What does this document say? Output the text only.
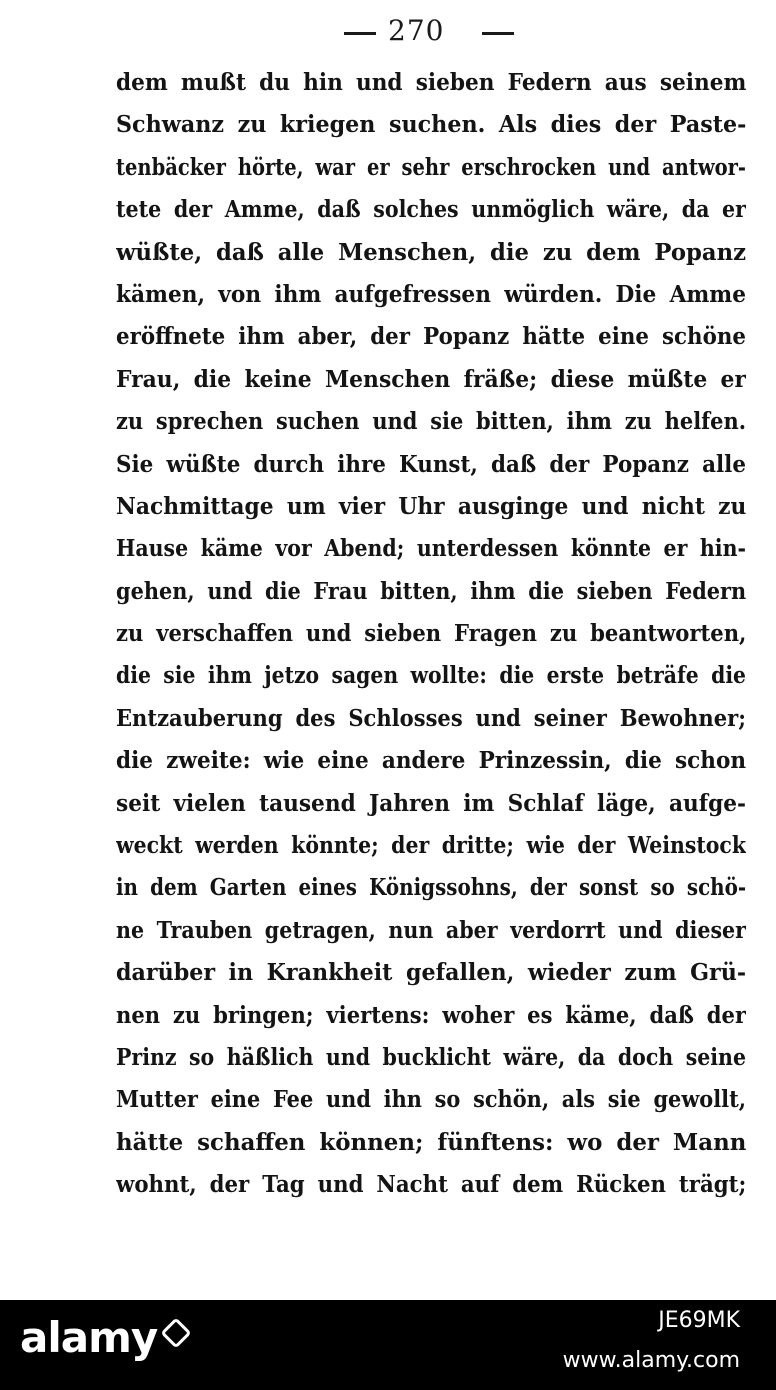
270
dem mußt du hin und sieben Federn aus seinem
Schwanz zu kriegen suchen. Als dies der Paste-
tenbäcker hörte, war er sehr erschrocken und antwor-
tete der Amme, daß solches unmöglich wäre, da er
wüßte, daß alle Menschen, die zu dem Popanz
kämen, von ihm aufgefressen würden. Die Amme
eröffnete ihm aber, der Popanz hätte eine schöne
Frau, die keine Menschen fräße; diese müßte er
zu sprechen suchen und sie bitten, ihm zu helfen.
Sie wüßte durch ihre Kunst, daß der Popanz alle
Nachmittage um vier Uhr ausginge und nicht zu
Hause käme vor Abend; unterdessen könnte er hin-
gehen, und die Frau bitten, ihm die sieben Federn
zu verschaffen und sieben Fragen zu beantworten,
die sie ihm jetzo sagen wollte: die erste beträfe die
Entzauberung des Schlosses und seiner Bewohner;
die zweite: wie eine andere Prinzessin, die schon
seit vielen tausend Jahren im Schlaf läge, aufge-
weckt werden könnte; der dritte; wie der Weinstock
in dem Garten eines Königssohns, der sonst so schö-
ne Trauben getragen, nun aber verdorrt und dieser
darüber in Krankheit gefallen, wieder zum Grü-
nen zu bringen; viertens: woher es käme, daß der
Prinz so häßlich und bucklicht wäre, da doch seine
Mutter eine Fee und ihn so schön, als sie gewollt,
hätte schaffen können; fünftens: wo der Mann
wohnt, der Tag und Nacht auf dem Rücken trägt;
alamy	JE69MK
www.alamy.com
